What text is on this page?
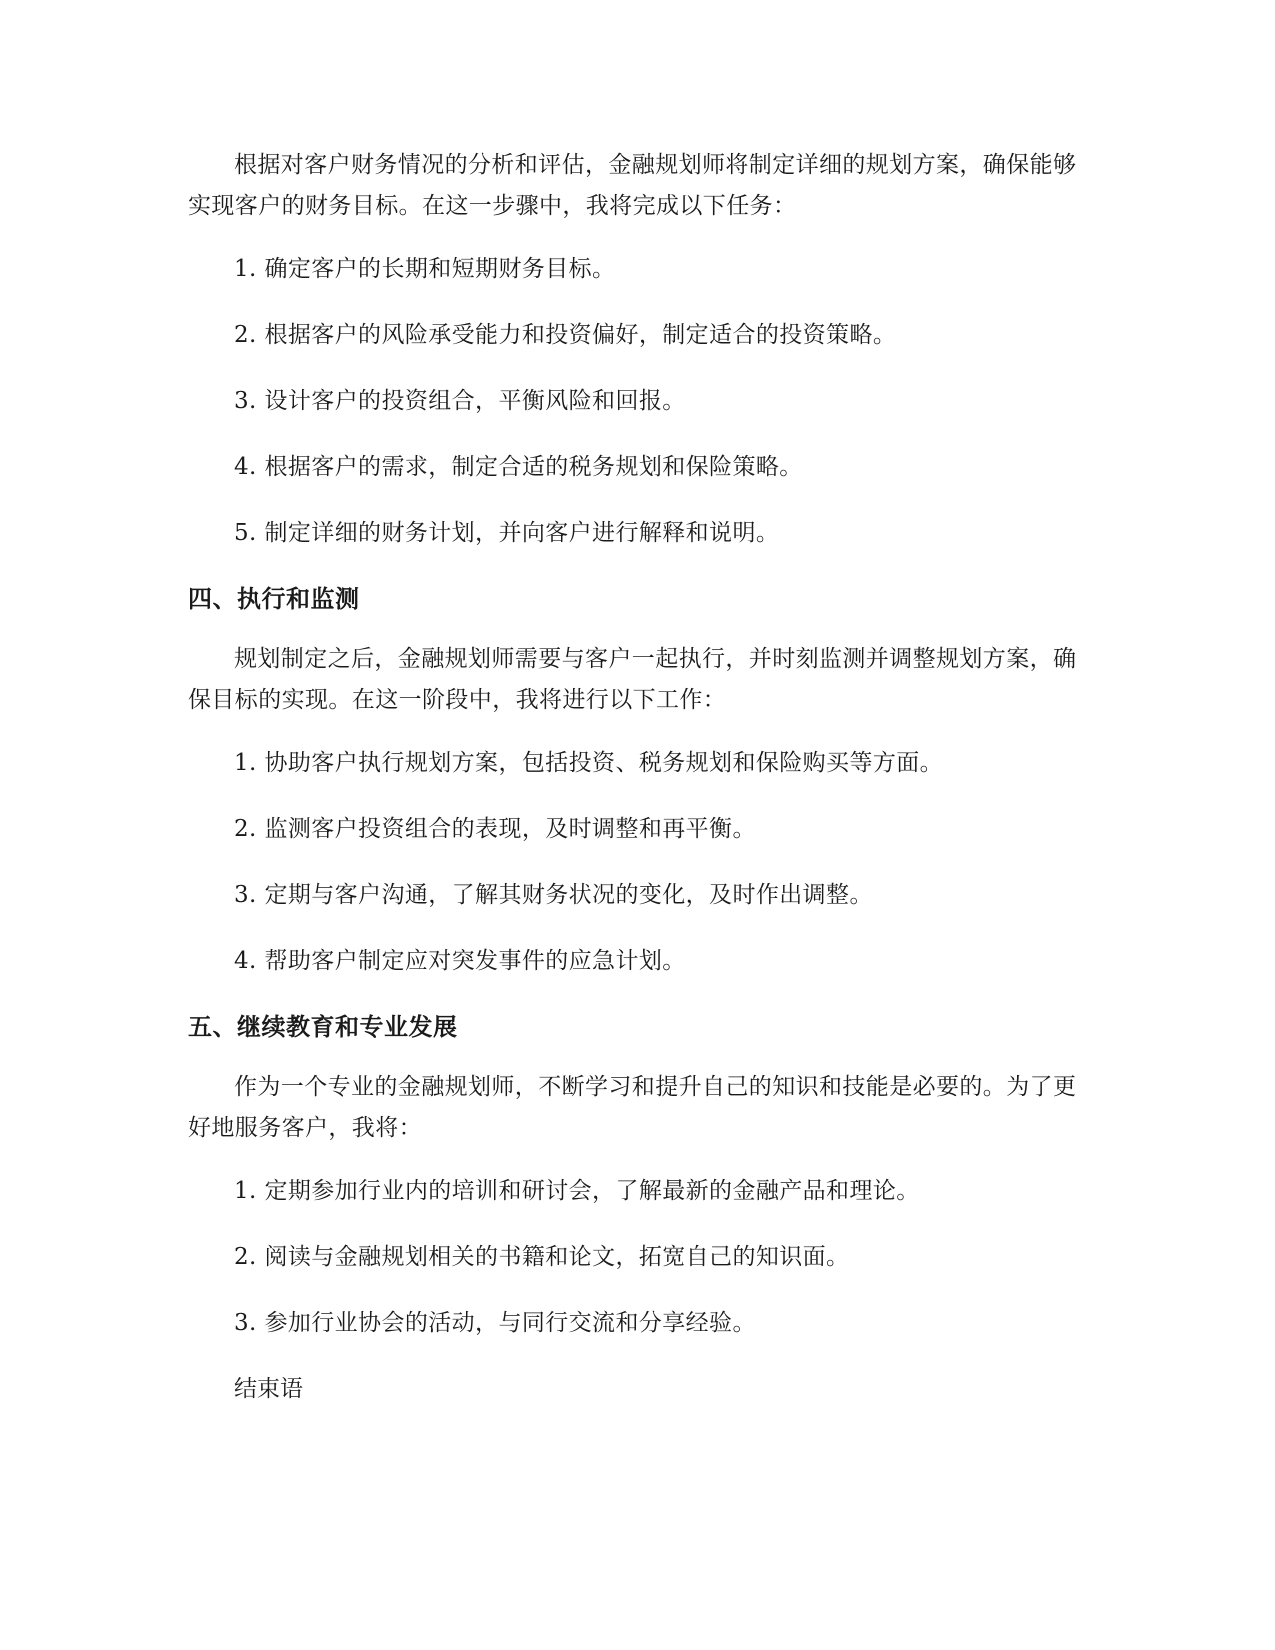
根据对客户财务情况的分析和评估，金融规划师将制定详细的规划方案，确保能够实现客户的财务目标。在这一步骤中，我将完成以下任务：

1. 确定客户的长期和短期财务目标。

2. 根据客户的风险承受能力和投资偏好，制定适合的投资策略。

3. 设计客户的投资组合，平衡风险和回报。

4. 根据客户的需求，制定合适的税务规划和保险策略。

5. 制定详细的财务计划，并向客户进行解释和说明。

四、执行和监测

规划制定之后，金融规划师需要与客户一起执行，并时刻监测并调整规划方案，确保目标的实现。在这一阶段中，我将进行以下工作：

1. 协助客户执行规划方案，包括投资、税务规划和保险购买等方面。

2. 监测客户投资组合的表现，及时调整和再平衡。

3. 定期与客户沟通，了解其财务状况的变化，及时作出调整。

4. 帮助客户制定应对突发事件的应急计划。

五、继续教育和专业发展

作为一个专业的金融规划师，不断学习和提升自己的知识和技能是必要的。为了更好地服务客户，我将：

1. 定期参加行业内的培训和研讨会，了解最新的金融产品和理论。

2. 阅读与金融规划相关的书籍和论文，拓宽自己的知识面。

3. 参加行业协会的活动，与同行交流和分享经验。

结束语
